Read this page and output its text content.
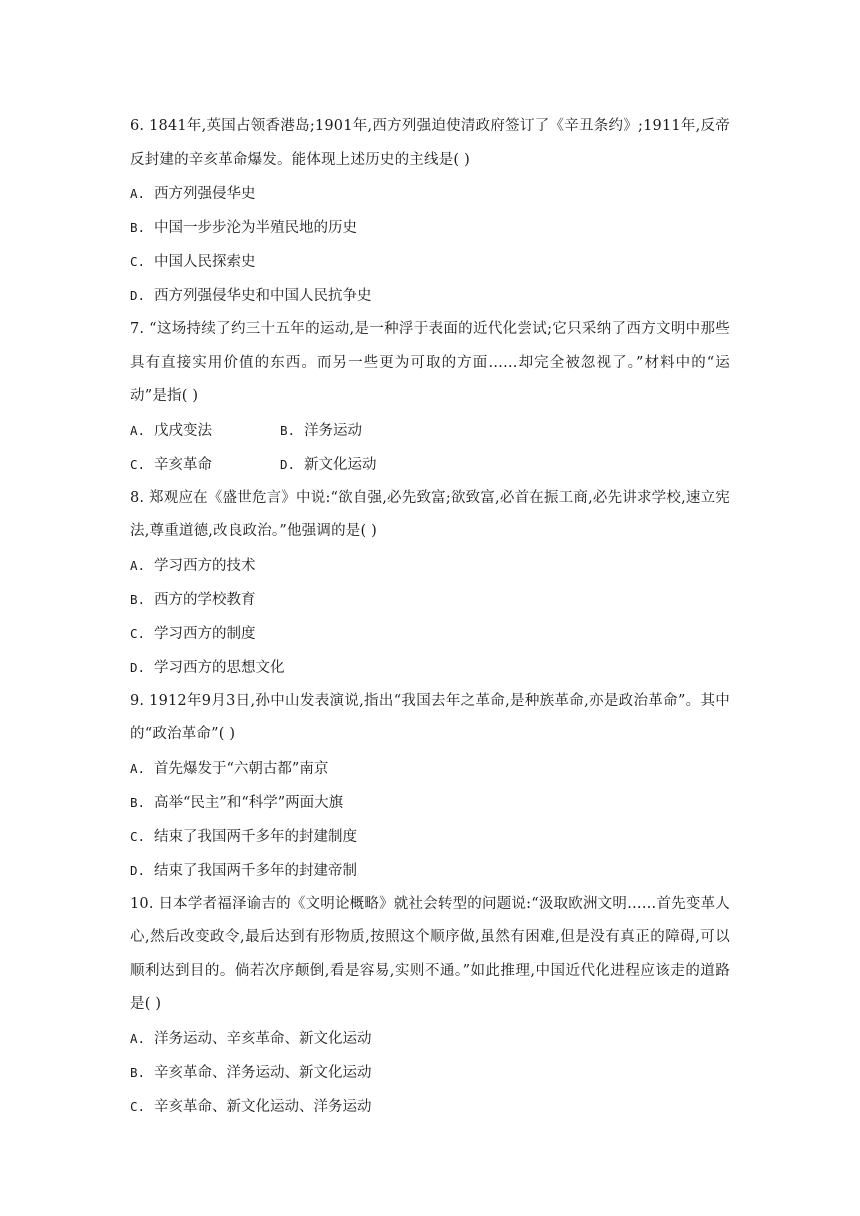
6. 1841年,英国占领香港岛;1901年,西方列强迫使清政府签订了《辛丑条约》;1911年,反帝反封建的辛亥革命爆发。能体现上述历史的主线是( )

A. 西方列强侵华史

B. 中国一步步沦为半殖民地的历史

C. 中国人民探索史

D. 西方列强侵华史和中国人民抗争史

7. “这场持续了约三十五年的运动,是一种浮于表面的近代化尝试;它只采纳了西方文明中那些具有直接实用价值的东西。而另一些更为可取的方面……却完全被忽视了。”材料中的“运动”是指( )

A. 戊戌变法	B. 洋务运动

C. 辛亥革命	D. 新文化运动

8. 郑观应在《盛世危言》中说:“欲自强,必先致富;欲致富,必首在振工商,必先讲求学校,速立宪法,尊重道德,改良政治。”他强调的是( )

A. 学习西方的技术

B. 西方的学校教育

C. 学习西方的制度

D. 学习西方的思想文化

9. 1912年9月3日,孙中山发表演说,指出“我国去年之革命,是种族革命,亦是政治革命”。其中的“政治革命”( )

A. 首先爆发于“六朝古都”南京

B. 高举“民主”和“科学”两面大旗

C. 结束了我国两千多年的封建制度

D. 结束了我国两千多年的封建帝制

10. 日本学者福泽谕吉的《文明论概略》就社会转型的问题说:“汲取欧洲文明……首先变革人心,然后改变政令,最后达到有形物质,按照这个顺序做,虽然有困难,但是没有真正的障碍,可以顺利达到目的。倘若次序颠倒,看是容易,实则不通。”如此推理,中国近代化进程应该走的道路是( )

A. 洋务运动、辛亥革命、新文化运动

B. 辛亥革命、洋务运动、新文化运动

C. 辛亥革命、新文化运动、洋务运动
